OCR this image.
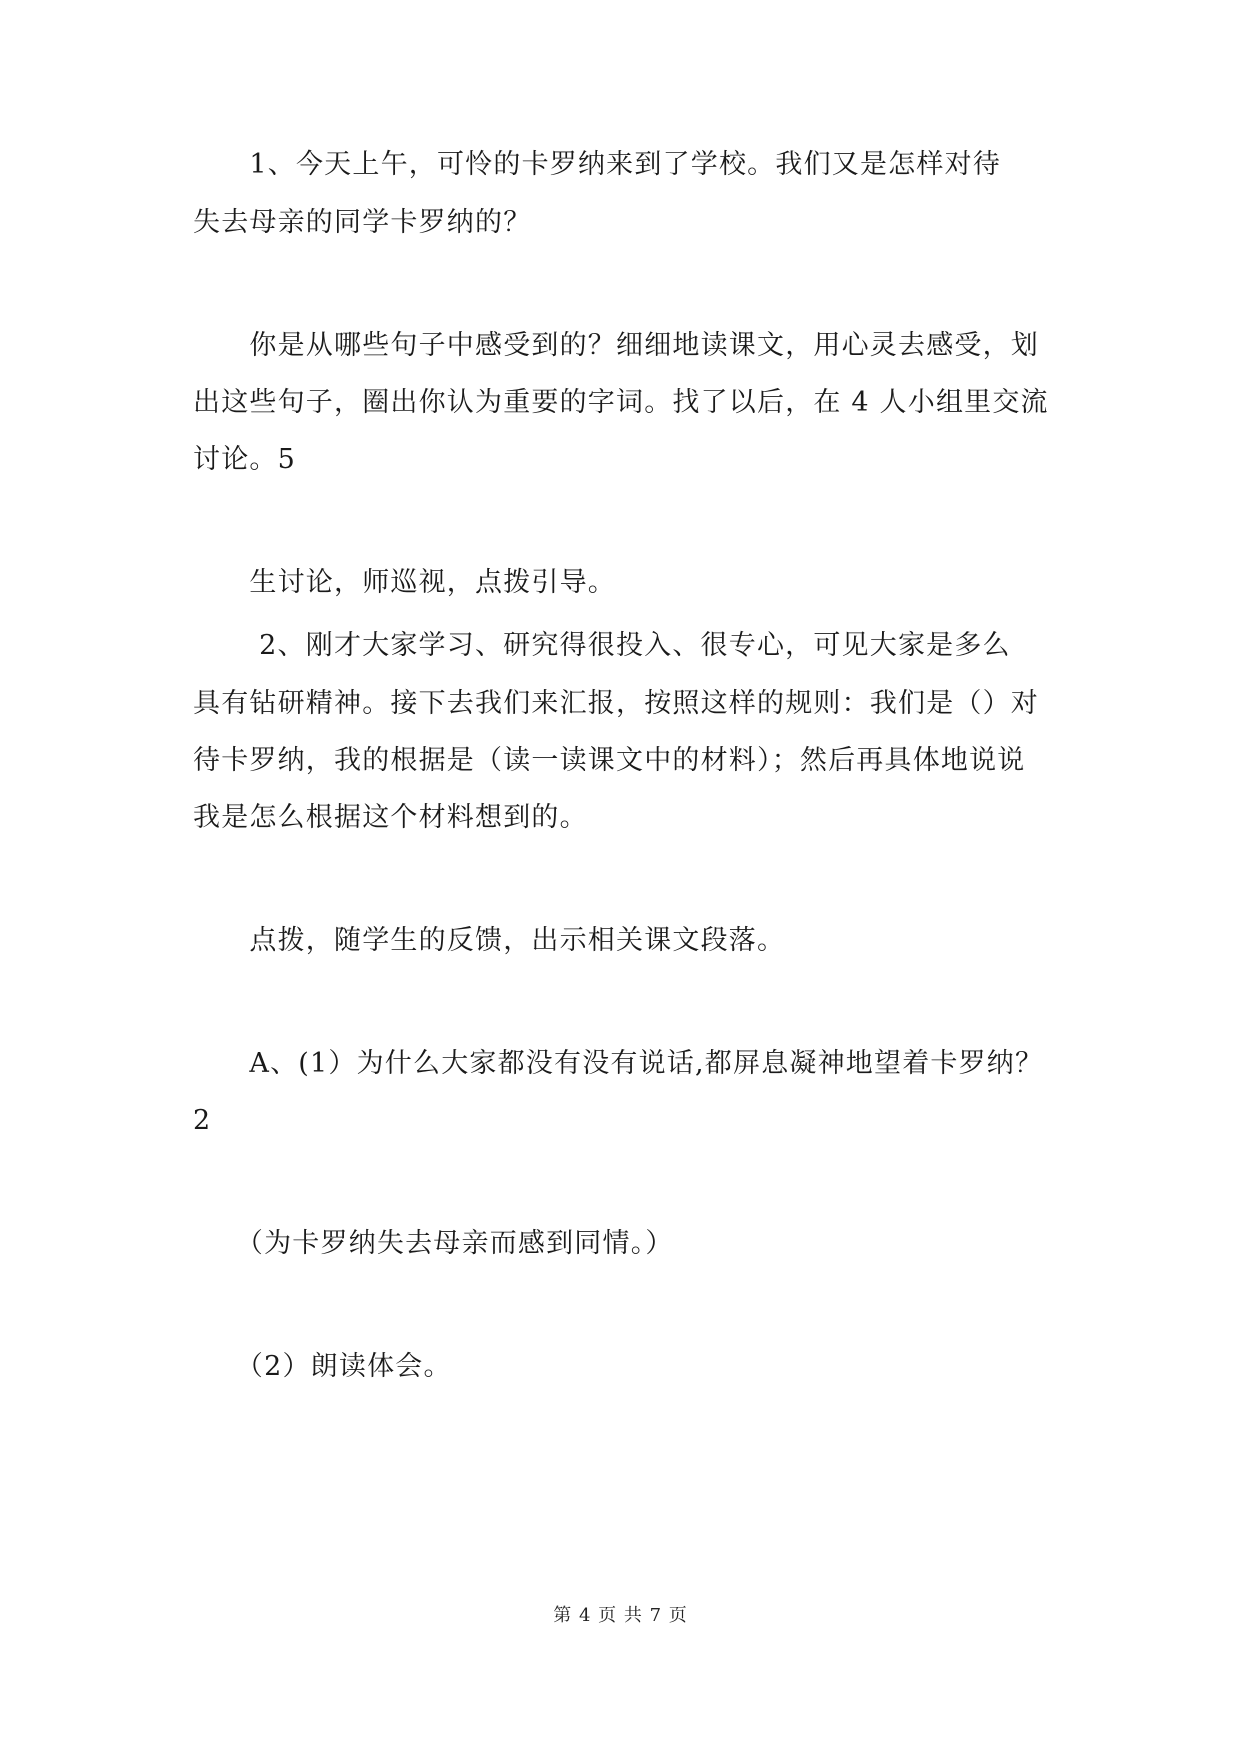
　　1、今天上午，可怜的卡罗纳来到了学校。我们又是怎样对待
失去母亲的同学卡罗纳的？
　　你是从哪些句子中感受到的？细细地读课文，用心灵去感受，划
出这些句子，圈出你认为重要的字词。找了以后，在 4 人小组里交流
讨论。5
　　生讨论，师巡视，点拨引导。
　　 2、刚才大家学习、研究得很投入、很专心，可见大家是多么
具有钻研精神。接下去我们来汇报，按照这样的规则：我们是（）对
待卡罗纳，我的根据是（读一读课文中的材料）；然后再具体地说说
我是怎么根据这个材料想到的。
　　点拨，随学生的反馈，出示相关课文段落。
　　A、(1）为什么大家都没有没有说话,都屏息凝神地望着卡罗纳？
2
　　（为卡罗纳失去母亲而感到同情。）
　　（2）朗读体会。
第 4 页 共 7 页
